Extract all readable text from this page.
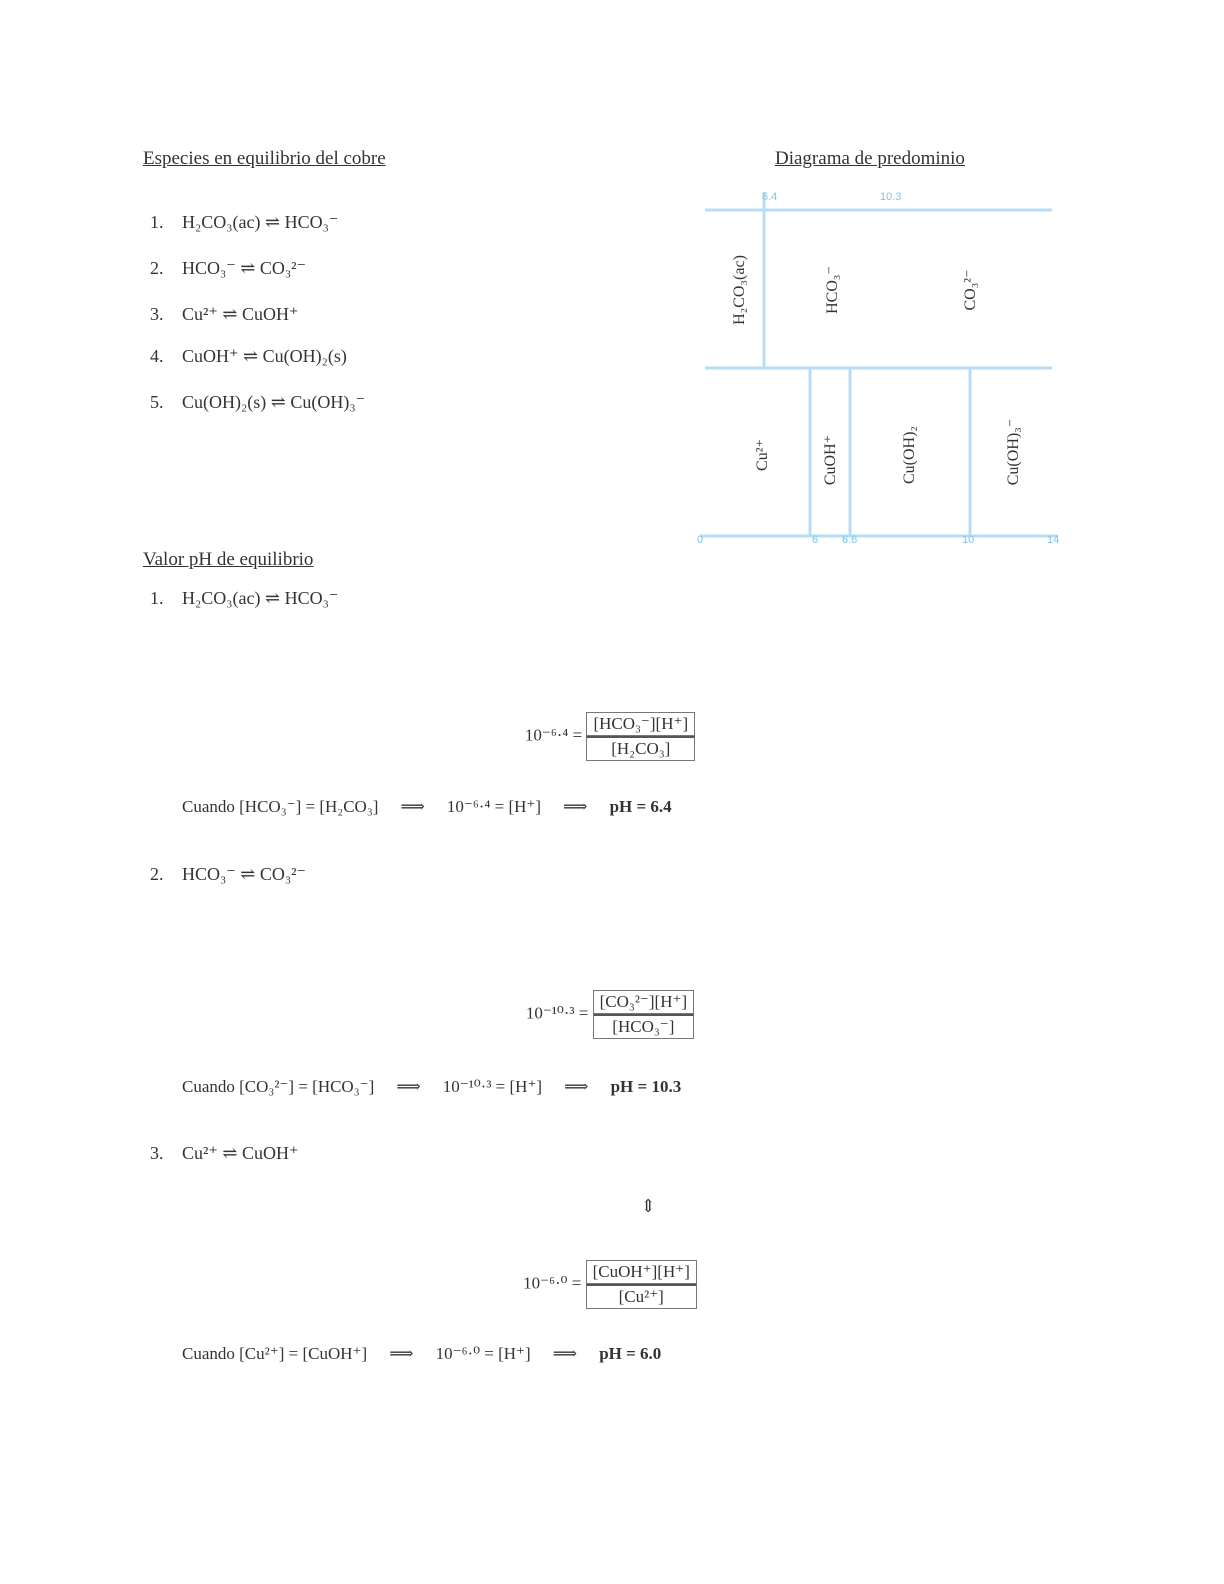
Especies en equilibrio del cobre
1. H₂CO₃(ac) ⇌ HCO₃⁻
2. HCO₃⁻ ⇌ CO₃²⁻
3. Cu²⁺ ⇌ CuOH⁺
4. CuOH⁺ ⇌ Cu(OH)₂(s)
5. Cu(OH)₂(s) ⇌ Cu(OH)₃⁻
Diagrama de predominio
6.4	10.3
0	6 6.6	10	14
H₂CO₃(ac)	HCO₃⁻	CO₃²⁻
Cu²⁺	CuOH⁺	Cu(OH)₂	Cu(OH)₃⁻
Valor pH de equilibrio
1. H₂CO₃(ac) ⇌ HCO₃⁻
$10^{-6}\cdot^4 = \frac{\text{[HCO₃⁻][H⁺]}}{\text{[H₂CO₃]}}$
Cuando [HCO₃⁻] = [H₂CO₃] ⟹ 10⁻⁶·⁴ = [H⁺] ⟹ pH = 6.4
2. HCO₃⁻ ⇌ CO₃²⁻
$10^{-10}\cdot^3 = \frac{\text{[CO₃²⁻][H⁺]}}{\text{[HCO₃⁻]}}$
Cuando [CO₃²⁻] = [HCO₃⁻] ⟹ 10⁻¹⁰·³ = [H⁺] ⟹ pH = 10.3
3. Cu²⁺ ⇌ CuOH⁺
⇕
$10^{-6}\cdot^0 = \frac{\text{[CuOH⁺][H⁺]}}{\text{[Cu²⁺]}}$
Cuando [Cu²⁺] = [CuOH⁺] ⟹ 10⁻⁶·⁰ = [H⁺] ⟹ pH = 6.0
